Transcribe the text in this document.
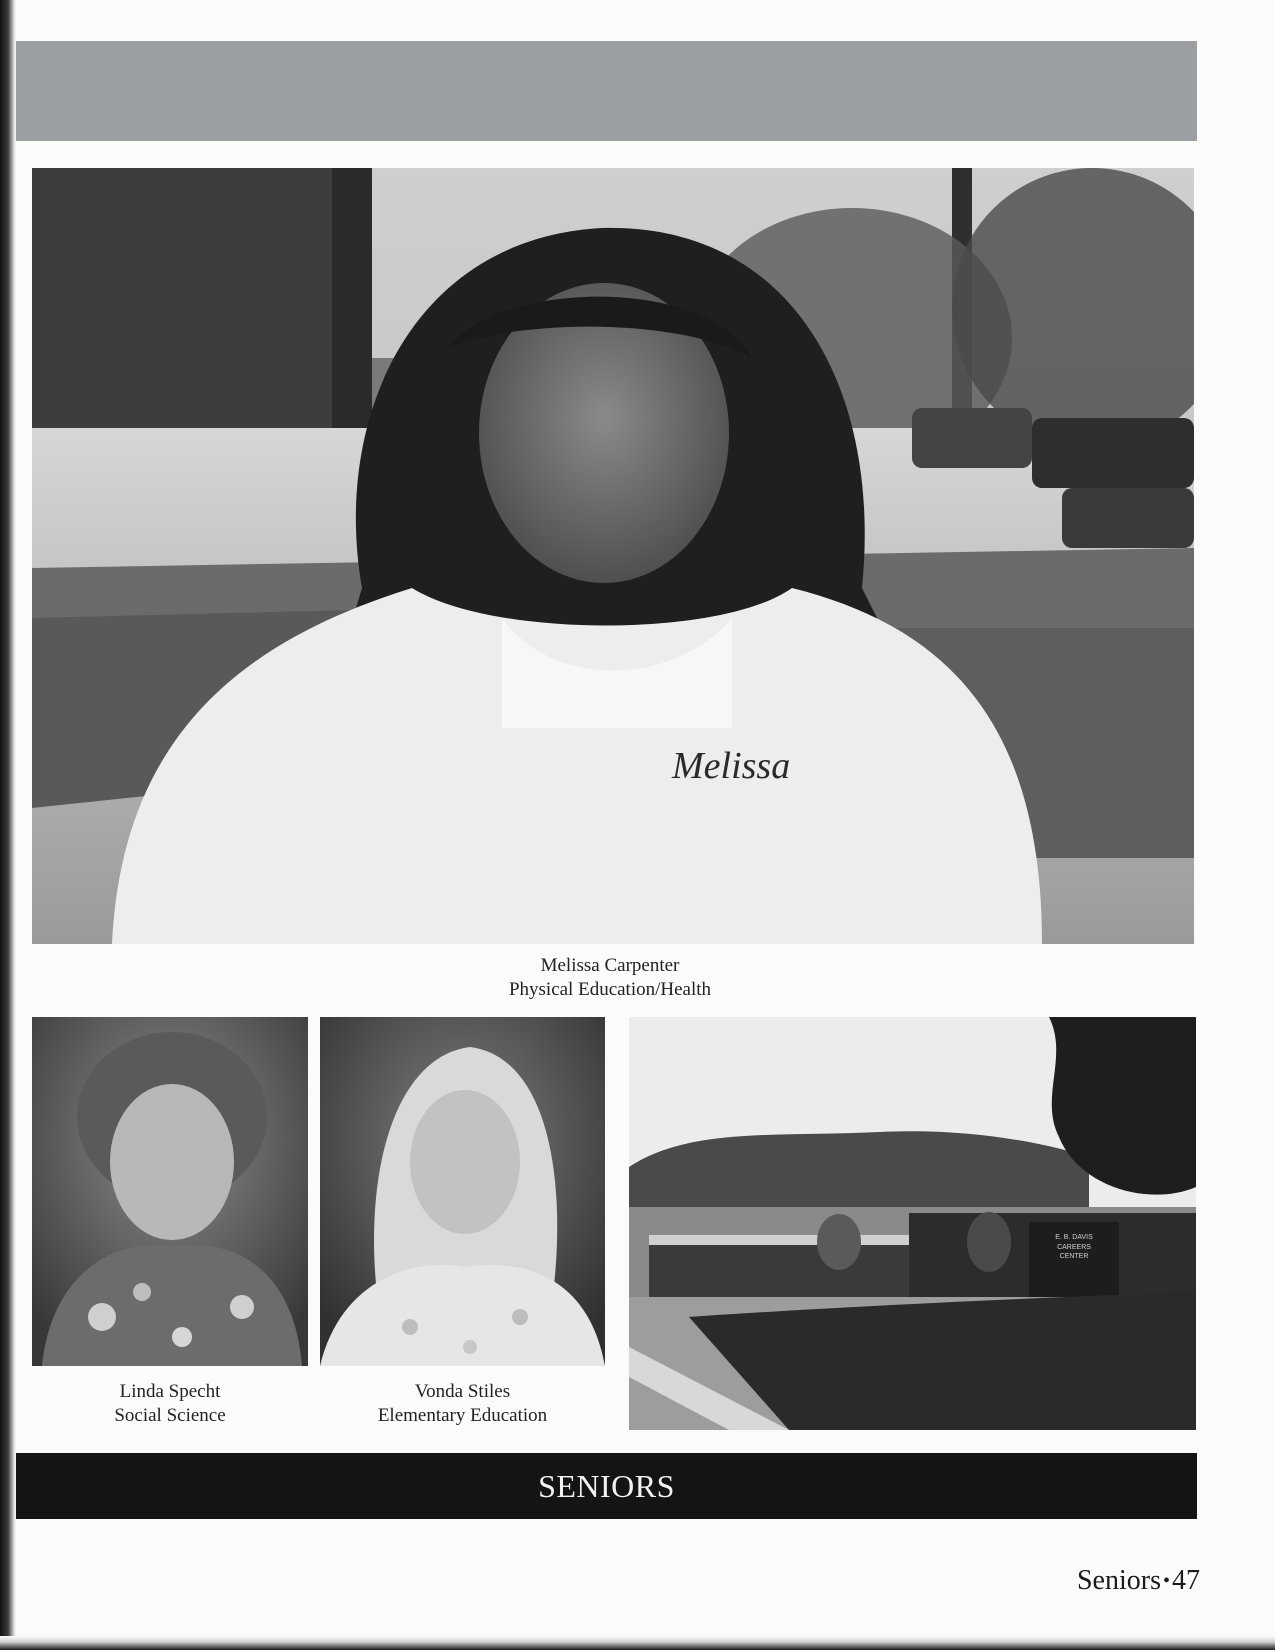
Melissa
Melissa Carpenter
Physical Education/Health
Linda Specht
Social Science
Vonda Stiles
Elementary Education
E. B. DAVIS
CAREERS
CENTER
SENIORS
Seniors • 47
